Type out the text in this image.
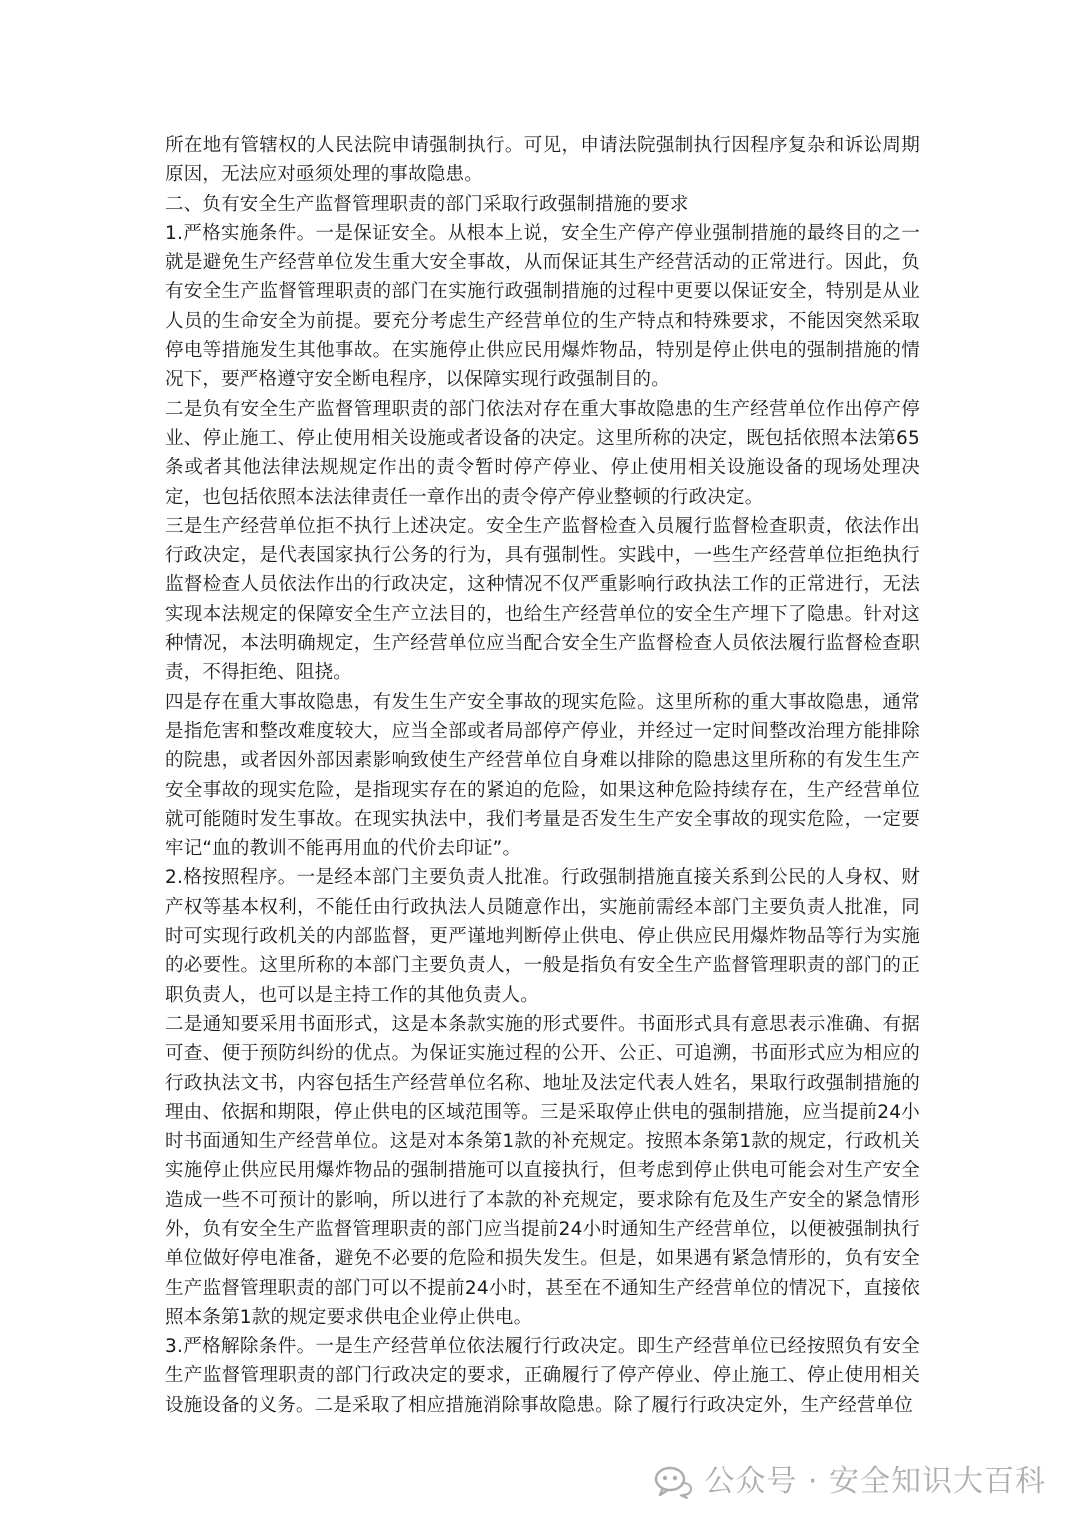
所在地有管辖权的人民法院申请强制执行。可见，申请法院强制执行因程序复杂和诉讼周期原因，无法应对亟须处理的事故隐患。

二、负有安全生产监督管理职责的部门采取行政强制措施的要求

1.严格实施条件。一是保证安全。从根本上说，安全生产停产停业强制措施的最终目的之一就是避免生产经营单位发生重大安全事故，从而保证其生产经营活动的正常进行。因此，负有安全生产监督管理职责的部门在实施行政强制措施的过程中更要以保证安全，特别是从业人员的生命安全为前提。要充分考虑生产经营单位的生产特点和特殊要求，不能因突然采取停电等措施发生其他事故。在实施停止供应民用爆炸物品，特别是停止供电的强制措施的情况下，要严格遵守安全断电程序，以保障实现行政强制目的。

二是负有安全生产监督管理职责的部门依法对存在重大事故隐患的生产经营单位作出停产停业、停止施工、停止使用相关设施或者设备的决定。这里所称的决定，既包括依照本法第65条或者其他法律法规规定作出的责令暂时停产停业、停止使用相关设施设备的现场处理决定，也包括依照本法法律责任一章作出的责令停产停业整顿的行政决定。

三是生产经营单位拒不执行上述决定。安全生产监督检查入员履行监督检查职责，依法作出行政决定，是代表国家执行公务的行为，具有强制性。实践中，一些生产经营单位拒绝执行监督检查人员依法作出的行政决定，这种情况不仅严重影响行政执法工作的正常进行，无法实现本法规定的保障安全生产立法目的，也给生产经营单位的安全生产埋下了隐患。针对这种情况，本法明确规定，生产经营单位应当配合安全生产监督检查人员依法履行监督检查职责，不得拒绝、阻挠。

四是存在重大事故隐患，有发生生产安全事故的现实危险。这里所称的重大事故隐患，通常是指危害和整改难度较大，应当全部或者局部停产停业，并经过一定时间整改治理方能排除的院患，或者因外部因素影响致使生产经营单位自身难以排除的隐患这里所称的有发生生产安全事故的现实危险，是指现实存在的紧迫的危险，如果这种危险持续存在，生产经营单位就可能随时发生事故。在现实执法中，我们考量是否发生生产安全事故的现实危险，一定要牢记“血的教训不能再用血的代价去印证”。

2.格按照程序。一是经本部门主要负责人批准。行政强制措施直接关系到公民的人身权、财产权等基本权利，不能任由行政执法人员随意作出，实施前需经本部门主要负责人批准，同时可实现行政机关的内部监督，更严谨地判断停止供电、停止供应民用爆炸物品等行为实施的必要性。这里所称的本部门主要负责人，一般是指负有安全生产监督管理职责的部门的正职负责人，也可以是主持工作的其他负责人。

二是通知要采用书面形式，这是本条款实施的形式要件。书面形式具有意思表示准确、有据可查、便于预防纠纷的优点。为保证实施过程的公开、公正、可追溯，书面形式应为相应的行政执法文书，内容包括生产经营单位名称、地址及法定代表人姓名，果取行政强制措施的理由、依据和期限，停止供电的区域范围等。三是采取停止供电的强制措施，应当提前24小时书面通知生产经营单位。这是对本条第1款的补充规定。按照本条第1款的规定，行政机关实施停止供应民用爆炸物品的强制措施可以直接执行，但考虑到停止供电可能会对生产安全造成一些不可预计的影响，所以进行了本款的补充规定，要求除有危及生产安全的紧急情形外，负有安全生产监督管理职责的部门应当提前24小时通知生产经营单位，以便被强制执行单位做好停电准备，避免不必要的危险和损失发生。但是，如果遇有紧急情形的，负有安全生产监督管理职责的部门可以不提前24小时，甚至在不通知生产经营单位的情况下，直接依照本条第1款的规定要求供电企业停止供电。

3.严格解除条件。一是生产经营单位依法履行行政决定。即生产经营单位已经按照负有安全生产监督管理职责的部门行政决定的要求，正确履行了停产停业、停止施工、停止使用相关设施设备的义务。二是采取了相应措施消除事故隐患。除了履行行政决定外，生产经营单位

公众号 · 安全知识大百科
